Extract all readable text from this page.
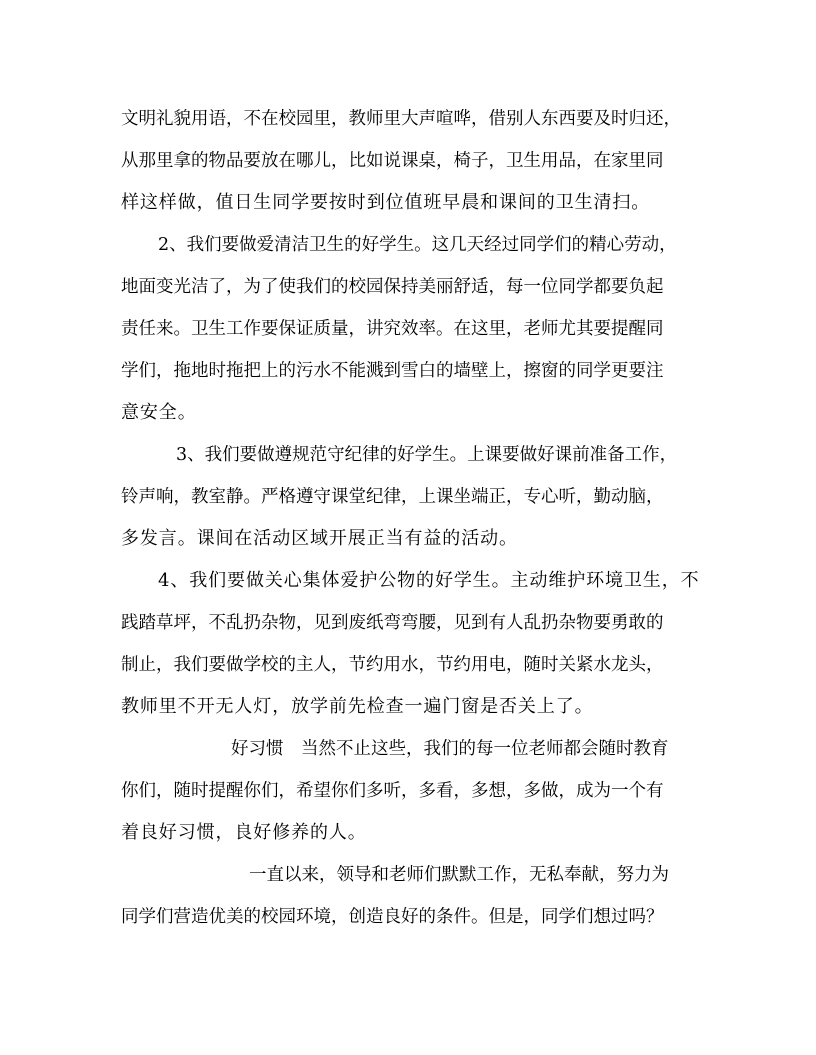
文明礼貌用语，不在校园里，教师里大声喧哗，借别人东西要及时归还，
从那里拿的物品要放在哪儿，比如说课桌，椅子，卫生用品，在家里同
样这样做，值日生同学要按时到位值班早晨和课间的卫生清扫。
2、我们要做爱清洁卫生的好学生。这几天经过同学们的精心劳动，
地面变光洁了，为了使我们的校园保持美丽舒适，每一位同学都要负起
责任来。卫生工作要保证质量，讲究效率。在这里，老师尤其要提醒同
学们，拖地时拖把上的污水不能溅到雪白的墙壁上，擦窗的同学更要注
意安全。
3、我们要做遵规范守纪律的好学生。上课要做好课前准备工作，
铃声响，教室静。严格遵守课堂纪律，上课坐端正，专心听，勤动脑，
多发言。课间在活动区域开展正当有益的活动。
4、我们要做关心集体爱护公物的好学生。主动维护环境卫生，不
践踏草坪，不乱扔杂物，见到废纸弯弯腰，见到有人乱扔杂物要勇敢的
制止，我们要做学校的主人，节约用水，节约用电，随时关紧水龙头，
教师里不开无人灯，放学前先检查一遍门窗是否关上了。
好习惯　当然不止这些，我们的每一位老师都会随时教育
你们，随时提醒你们，希望你们多听，多看，多想，多做，成为一个有
着良好习惯，良好修养的人。
一直以来，领导和老师们默默工作，无私奉献，努力为
同学们营造优美的校园环境，创造良好的条件。但是，同学们想过吗？
